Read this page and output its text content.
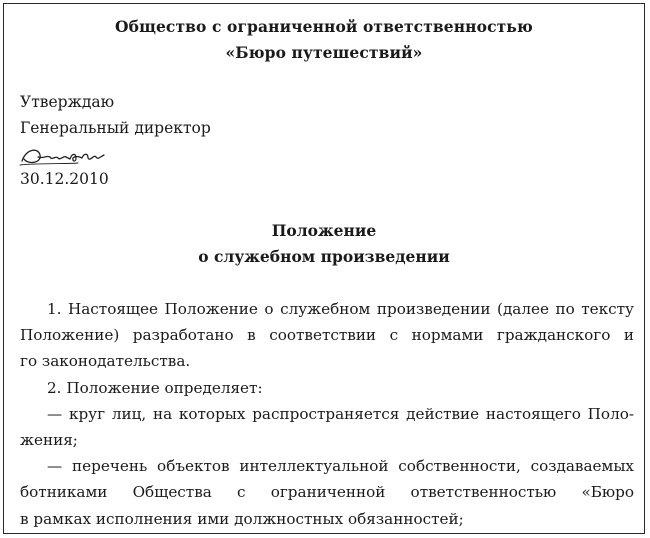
Общество с ограниченной ответственностью
«Бюро путешествий»
Утверждаю
Генеральный директор
30.12.2010
Положение
о служебном произведении
1. Настоящее Положение о служебном произведении (далее по тексту
Положение) разработано в соответствии с нормами гражданского и
го законодательства.
2. Положение определяет:
— круг лиц, на которых распространяется действие настоящего Поло-
жения;
— перечень объектов интеллектуальной собственности, создаваемых
ботниками Общества с ограниченной ответственностью «Бюро
в рамках исполнения ими должностных обязанностей;
